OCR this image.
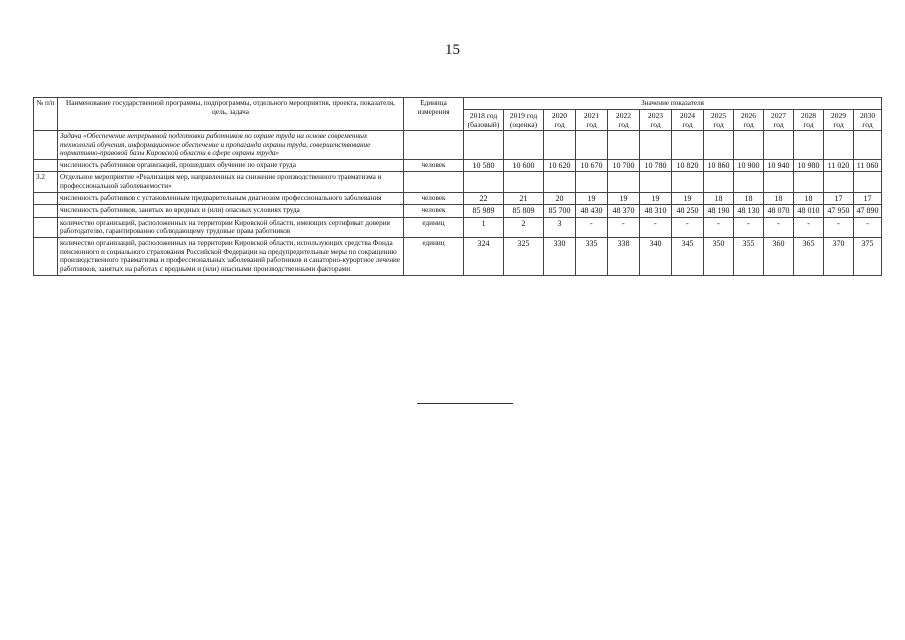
15
№ п/п	Наименование государственной программы, подпрограммы, отдельного мероприятия, проекта, показателя, цель, задача	Единица измерения	Значение показателя												
			2018 год (базовый)	2019 год (оценка)	2020 год	2021 год	2022 год	2023 год	2024 год	2025 год	2026 год	2027 год	2028 год	2029 год	2030 год
	Задача «Обеспечение непрерывной подготовки работников по охране труда на основе современных технологий обучения, информационное обеспечение и пропаганда охраны труда, совершенствование нормативно-правовой базы Кировской области в сфере охраны труда»														
	численность работников организаций, прошедших обучение по охране труда	человек	10 580	10 600	10 620	10 670	10 700	10 780	10 820	10 860	10 900	10 940	10 980	11 020	11 060
3.2	Отдельное мероприятие «Реализация мер, направленных на снижение производственного травматизма и профессиональной заболеваемости»														
	численность работников с установленным предварительным диагнозом профессионального заболевания	человек	22	21	20	19	19	19	19	18	18	18	18	17	17
	численность работников, занятых во вредных и (или) опасных условиях труда	человек	85 989	85 809	85 700	48 430	48 370	48 310	48 250	48 190	48 130	48 070	48 010	47 950	47 890
	количество организаций, расположенных на территории Кировской области, имеющих сертификат доверия работодателю, гарантированно соблюдающему трудовые права работников	единиц	1	2	3	-	-	-	-	-	-	-	-	-	-
	количество организаций, расположенных на территории Кировской области, использующих средства Фонда пенсионного и социального страхования Российской Федерации на предупредительные меры по сокращению производственного травматизма и профессиональных заболеваний работников и санаторно-курортное лечение работников, занятых на работах с вредными и (или) опасными производственными факторами	единиц	324	325	330	335	338	340	345	350	355	360	365	370	375
